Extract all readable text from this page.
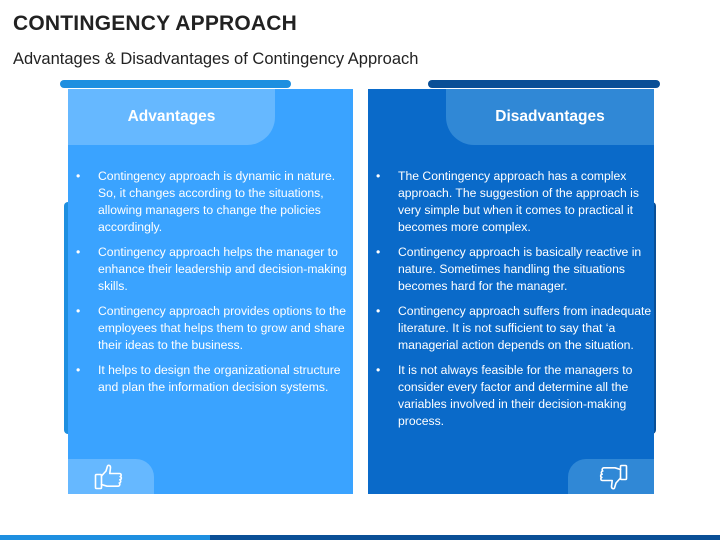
CONTINGENCY APPROACH
Advantages & Disadvantages of Contingency Approach
Advantages
• Contingency approach is dynamic in nature. So, it changes according to the situations, allowing managers to change the policies accordingly.
• Contingency approach helps the manager to enhance their leadership and decision-making skills.
• Contingency approach provides options to the employees that helps them to grow and share their ideas to the business.
• It helps to design the organizational structure and plan the information decision systems.
Disadvantages
• The Contingency approach has a complex approach. The suggestion of the approach is very simple but when it comes to practical it becomes more complex.
• Contingency approach is basically reactive in nature. Sometimes handling the situations becomes hard for the manager.
• Contingency approach suffers from inadequate literature. It is not sufficient to say that ‘a managerial action depends on the situation.
• It is not always feasible for the managers to consider every factor and determine all the variables involved in their decision-making process.
